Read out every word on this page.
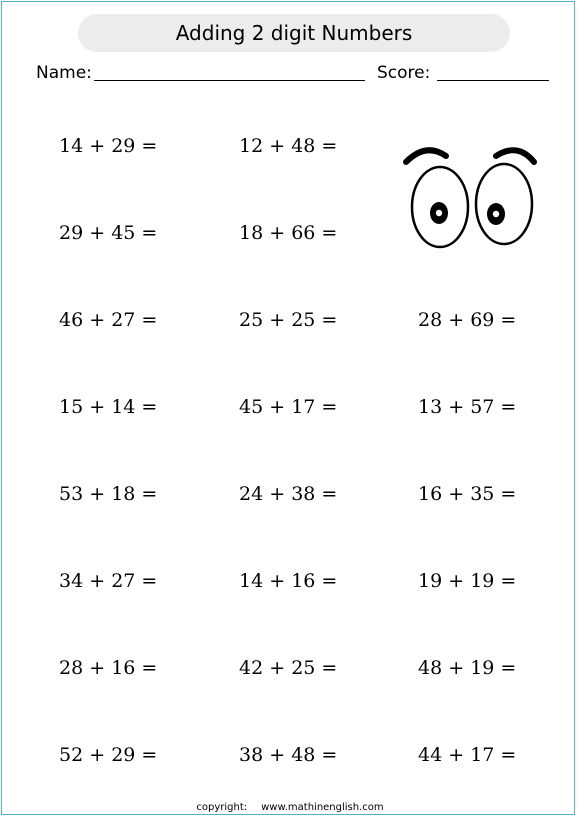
Adding 2 digit Numbers
Name:	Score:
14 + 29 =	12 + 48 =
29 + 45 =	18 + 66 =
46 + 27 =	25 + 25 =	28 + 69 =
15 + 14 =	45 + 17 =	13 + 57 =
53 + 18 =	24 + 38 =	16 + 35 =
34 + 27 =	14 + 16 =	19 + 19 =
28 + 16 =	42 + 25 =	48 + 19 =
52 + 29 =	38 + 48 =	44 + 17 =
copyright: www.mathinenglish.com
